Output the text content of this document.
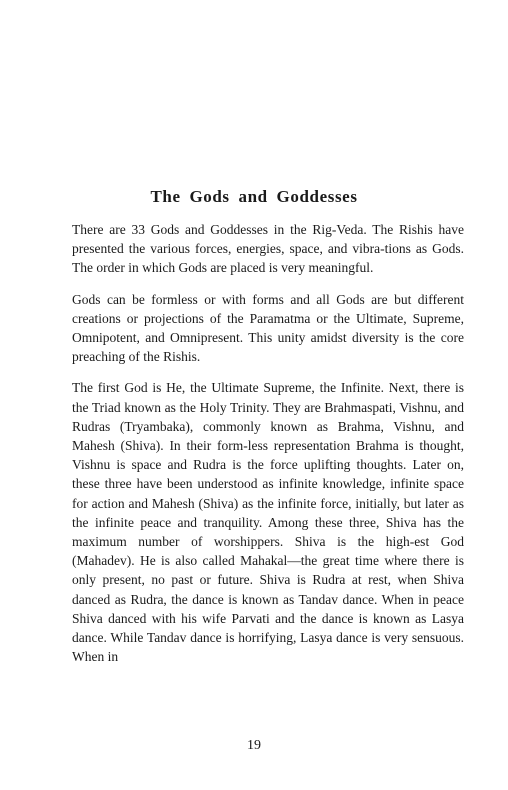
The Gods and Goddesses

There are 33 Gods and Goddesses in the Rig-Veda. The Rishis have presented the various forces, energies, space, and vibra-tions as Gods. The order in which Gods are placed is very meaningful.

Gods can be formless or with forms and all Gods are but different creations or projections of the Paramatma or the Ultimate, Supreme, Omnipotent, and Omnipresent. This unity amidst diversity is the core preaching of the Rishis.

The first God is He, the Ultimate Supreme, the Infinite. Next, there is the Triad known as the Holy Trinity. They are Brahmaspati, Vishnu, and Rudras (Tryambaka), commonly known as Brahma, Vishnu, and Mahesh (Shiva). In their form-less representation Brahma is thought, Vishnu is space and Rudra is the force uplifting thoughts. Later on, these three have been understood as infinite knowledge, infinite space for action and Mahesh (Shiva) as the infinite force, initially, but later as the infinite peace and tranquility. Among these three, Shiva has the maximum number of worshippers. Shiva is the high-est God (Mahadev). He is also called Mahakal—the great time where there is only present, no past or future. Shiva is Rudra at rest, when Shiva danced as Rudra, the dance is known as Tandav dance. When in peace Shiva danced with his wife Parvati and the dance is known as Lasya dance. While Tandav dance is horrifying, Lasya dance is very sensuous. When in

19
